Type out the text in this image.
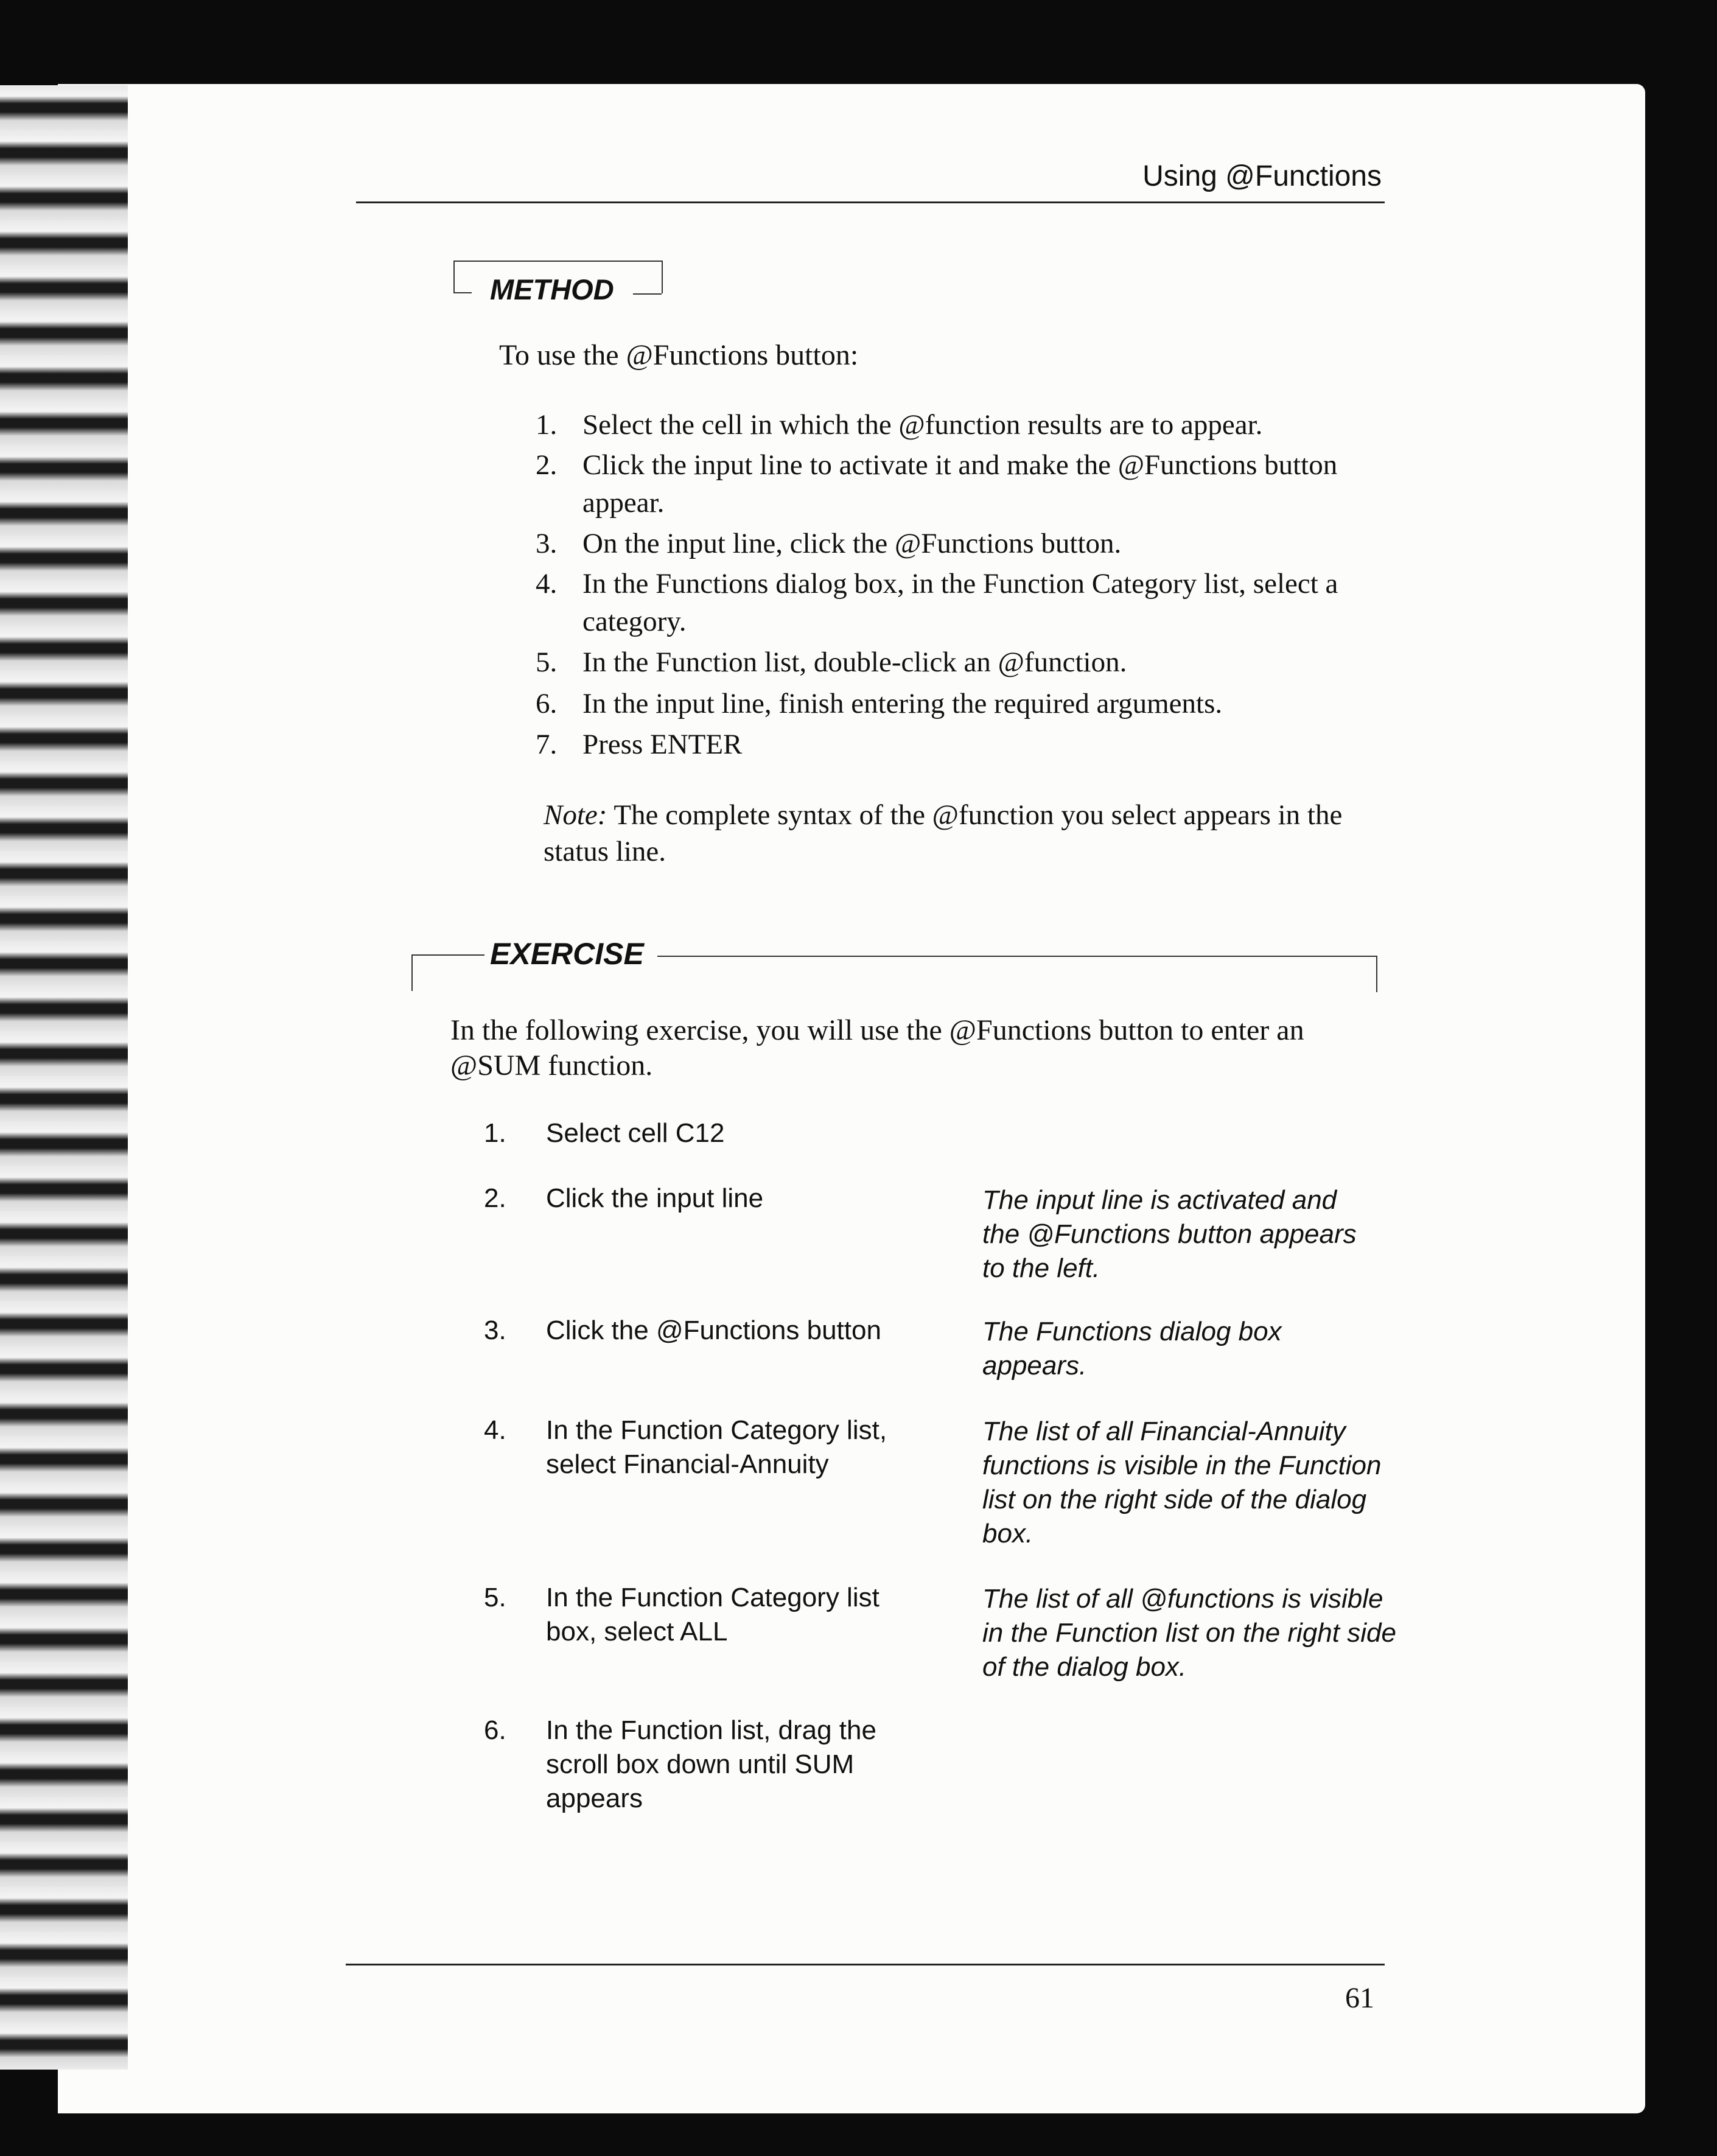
Using @Functions
METHOD
To use the @Functions button:
1. Select the cell in which the @function results are to appear.
2. Click the input line to activate it and make the @Functions button appear.
3. On the input line, click the @Functions button.
4. In the Functions dialog box, in the Function Category list, select a category.
5. In the Function list, double-click an @function.
6. In the input line, finish entering the required arguments.
7. Press ENTER
Note: The complete syntax of the @function you select appears in the status line.
EXERCISE
In the following exercise, you will use the @Functions button to enter an @SUM function.
1. Select cell C12
2. Click the input line	The input line is activated and the @Functions button appears to the left.
3. Click the @Functions button	The Functions dialog box appears.
4. In the Function Category list, select Financial-Annuity
The list of all Financial-Annuity functions is visible in the Function list on the right side of the dialog box.
5. In the Function Category list box, select ALL
The list of all @functions is visible in the Function list on the right side of the dialog box.
6. In the Function list, drag the scroll box down until SUM appears
61
